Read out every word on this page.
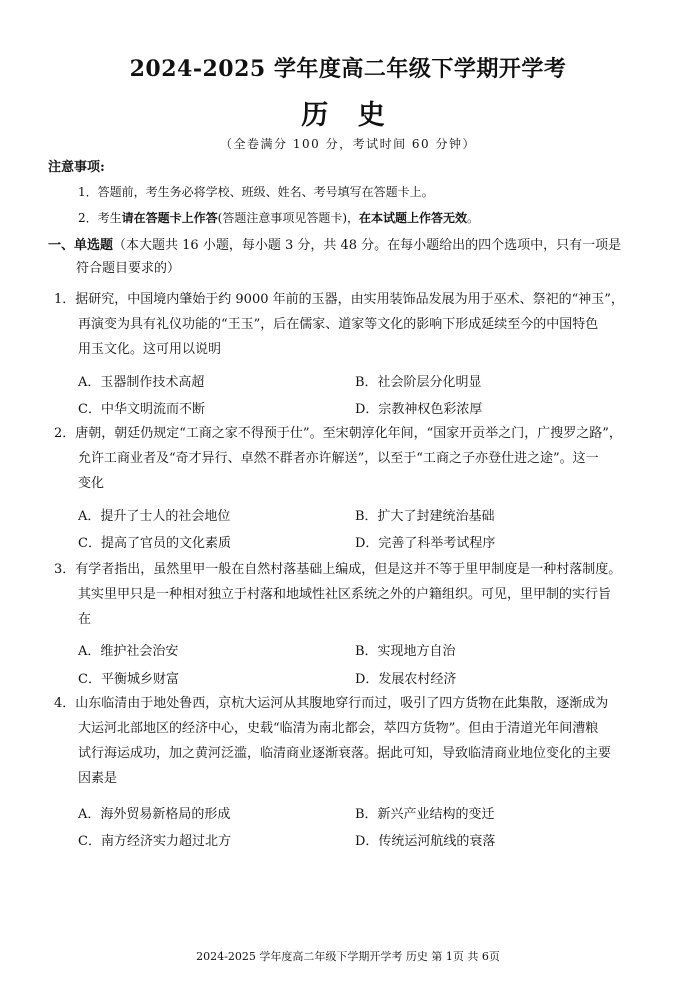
2024-2025 学年度高二年级下学期开学考
历 史
（全卷满分 100 分，考试时间 60 分钟）
注意事项:
1．答题前，考生务必将学校、班级、姓名、考号填写在答题卡上。
2．考生请在答题卡上作答(答题注意事项见答题卡)，在本试题上作答无效。
一、单选题（本大题共 16 小题，每小题 3 分，共 48 分。在每小题给出的四个选项中，只有一项是
符合题目要求的）
1．据研究，中国境内肇始于约 9000 年前的玉器，由实用装饰品发展为用于巫术、祭祀的“神玉”，
再演变为具有礼仪功能的“王玉”，后在儒家、道家等文化的影响下形成延续至今的中国特色
用玉文化。这可用以说明
A．玉器制作技术高超	B．社会阶层分化明显
C．中华文明流而不断	D．宗教神权色彩浓厚
2．唐朝，朝廷仍规定“工商之家不得预于仕”。至宋朝淳化年间，“国家开贡举之门，广搜罗之路”，
允许工商业者及“奇才异行、卓然不群者亦许解送”，以至于“工商之子亦登仕进之途”。这一
变化
A．提升了士人的社会地位	B．扩大了封建统治基础
C．提高了官员的文化素质	D．完善了科举考试程序
3．有学者指出，虽然里甲一般在自然村落基础上编成，但是这并不等于里甲制度是一种村落制度。
其实里甲只是一种相对独立于村落和地域性社区系统之外的户籍组织。可见，里甲制的实行旨
在
A．维护社会治安	B．实现地方自治
C．平衡城乡财富	D．发展农村经济
4．山东临清由于地处鲁西，京杭大运河从其腹地穿行而过，吸引了四方货物在此集散，逐渐成为
大运河北部地区的经济中心，史载“临清为南北都会，萃四方货物”。但由于清道光年间漕粮
试行海运成功，加之黄河泛滥，临清商业逐渐衰落。据此可知，导致临清商业地位变化的主要
因素是
A．海外贸易新格局的形成	B．新兴产业结构的变迁
C．南方经济实力超过北方	D．传统运河航线的衰落
2024-2025 学年度高二年级下学期开学考 历史 第 1页 共 6页
